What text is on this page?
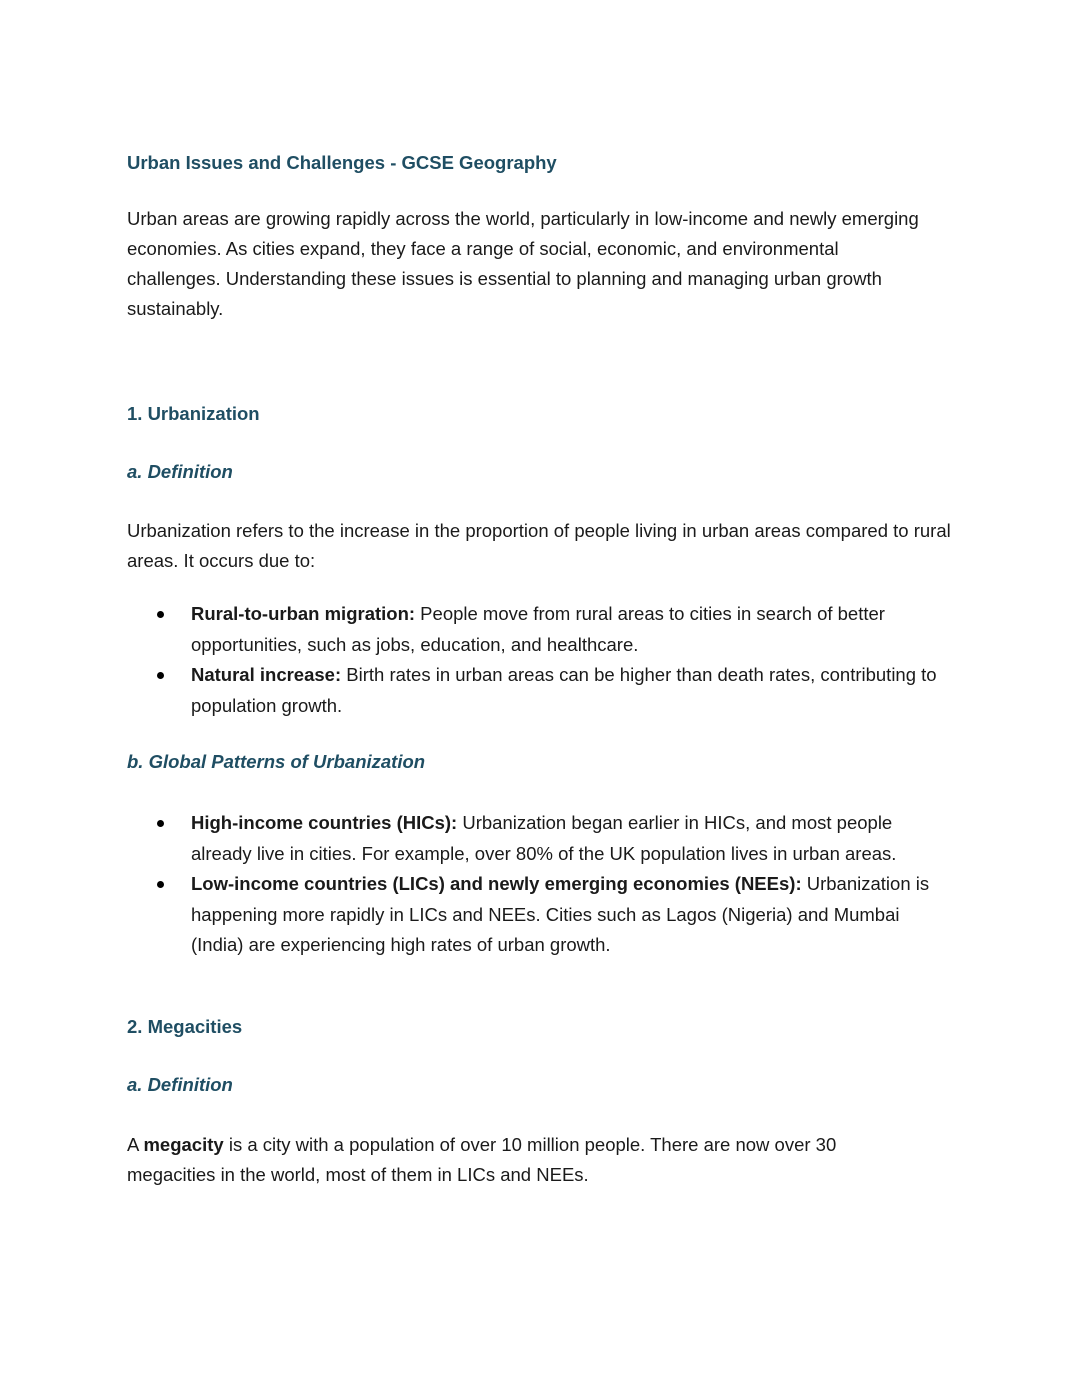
Urban Issues and Challenges - GCSE Geography

Urban areas are growing rapidly across the world, particularly in low-income and newly emerging economies. As cities expand, they face a range of social, economic, and environmental challenges. Understanding these issues is essential to planning and managing urban growth sustainably.

1. Urbanization
a. Definition

Urbanization refers to the increase in the proportion of people living in urban areas compared to rural areas. It occurs due to:

Rural-to-urban migration: People move from rural areas to cities in search of better opportunities, such as jobs, education, and healthcare.
Natural increase: Birth rates in urban areas can be higher than death rates, contributing to population growth.
b. Global Patterns of Urbanization
High-income countries (HICs): Urbanization began earlier in HICs, and most people already live in cities. For example, over 80% of the UK population lives in urban areas.
Low-income countries (LICs) and newly emerging economies (NEEs): Urbanization is happening more rapidly in LICs and NEEs. Cities such as Lagos (Nigeria) and Mumbai (India) are experiencing high rates of urban growth.
2. Megacities
a. Definition

A megacity is a city with a population of over 10 million people. There are now over 30 megacities in the world, most of them in LICs and NEEs.
